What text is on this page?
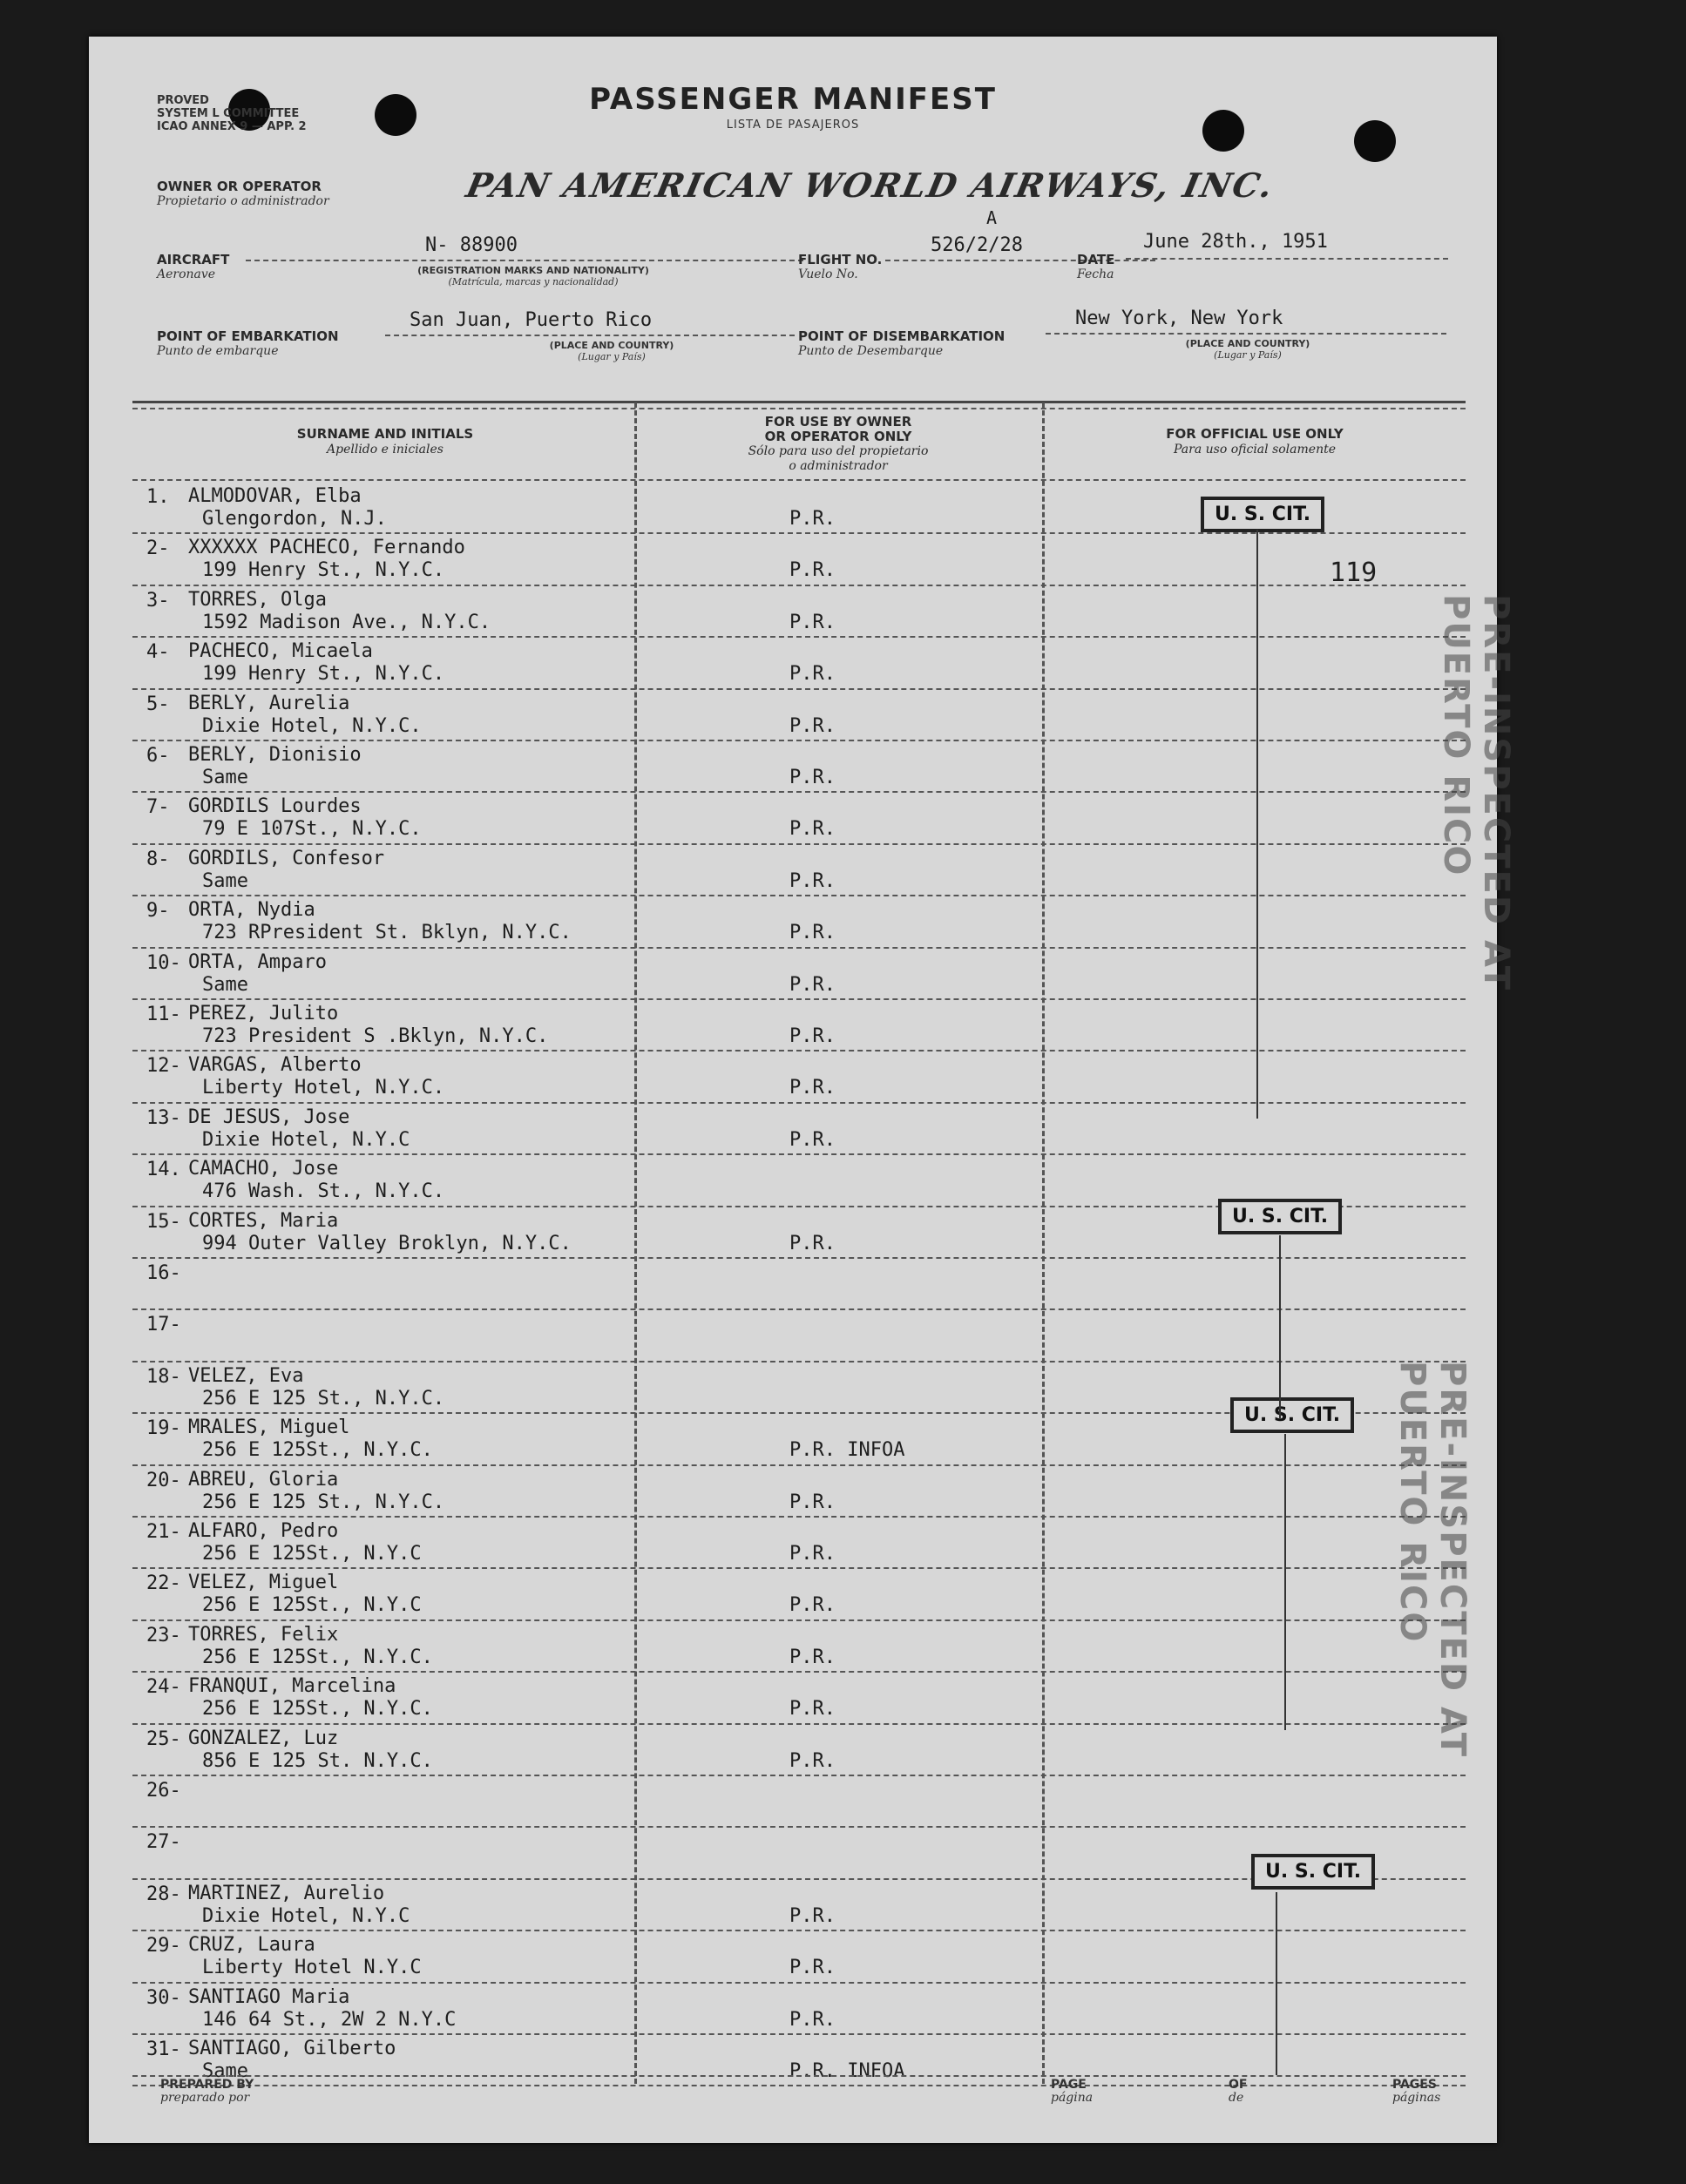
PROVED
SYSTEM L COMMITTEE
ICAO ANNEX 9 — APP. 2
PASSENGER MANIFEST
LISTA DE PASAJEROS
OWNER OR OPERATOR
Propietario o administrador	PAN AMERICAN WORLD AIRWAYS, INC.
AIRCRAFT
Aeronave
N- 88900
(REGISTRATION MARKS AND NATIONALITY)
(Matrícula, marcas y nacionalidad)
FLIGHT NO.
Vuelo No.
A
526/2/28
DATE
Fecha
June 28th., 1951
POINT OF EMBARKATION
Punto de embarque
San Juan, Puerto Rico
(PLACE AND COUNTRY)
(Lugar y País)
POINT OF DISEMBARKATION
Punto de Desembarque
New York, New York
(PLACE AND COUNTRY)
(Lugar y País)
SURNAME AND INITIALS
Apellido e iniciales
FOR USE BY OWNER
OR OPERATOR ONLY
Sólo para uso del propietario
o administrador
FOR OFFICIAL USE ONLY
Para uso oficial solamente
1. ALMODOVAR, Elba
Glengordon, N.J.	P.R.
2- XXXXXX PACHECO, Fernando
199 Henry St., N.Y.C.	P.R.
3- TORRES, Olga
1592 Madison Ave., N.Y.C.	P.R.
4- PACHECO, Micaela
199 Henry St., N.Y.C.	P.R.
5- BERLY, Aurelia
Dixie Hotel, N.Y.C.	P.R.
6- BERLY, Dionisio
Same	P.R.
7- GORDILS Lourdes
79 E 107St., N.Y.C.	P.R.
8- GORDILS, Confesor
Same	P.R.
9- ORTA, Nydia
723 RPresident St. Bklyn, N.Y.C.	P.R.
10- ORTA, Amparo
Same	P.R.
11- PEREZ, Julito
723 President S .Bklyn, N.Y.C.	P.R.
12- VARGAS, Alberto
Liberty Hotel, N.Y.C.	P.R.
13- DE JESUS, Jose
Dixie Hotel, N.Y.C	P.R.
14. CAMACHO, Jose
476 Wash. St., N.Y.C.
15- CORTES, Maria
994 Outer Valley Broklyn, N.Y.C.	P.R.
16-
17-
18- VELEZ, Eva
256 E 125 St., N.Y.C.
19- MRALES, Miguel
256 E 125St., N.Y.C.	P.R. INFOA
20- ABREU, Gloria
256 E 125 St., N.Y.C.	P.R.
21- ALFARO, Pedro
256 E 125St., N.Y.C	P.R.
22- VELEZ, Miguel
256 E 125St., N.Y.C	P.R.
23- TORRES, Felix
256 E 125St., N.Y.C.	P.R.
24- FRANQUI, Marcelina
256 E 125St., N.Y.C.	P.R.
25- GONZALEZ, Luz
856 E 125 St. N.Y.C.	P.R.
26-
27-
28- MARTINEZ, Aurelio
Dixie Hotel, N.Y.C	P.R.
29- CRUZ, Laura
Liberty Hotel N.Y.C	P.R.
30- SANTIAGO Maria
146 64 St., 2W 2 N.Y.C	P.R.
31- SANTIAGO, Gilberto
Same	P.R. INFOA
U. S. CIT.
U. S. CIT.
U. S. CIT.
U. S. CIT.
119
PRE-INSPECTED AT PUERTO RICO
PRE-INSPECTED AT PUERTO RICO
PREPARED BY
preparado por
PAGE
página
OF
de
PAGES
páginas
